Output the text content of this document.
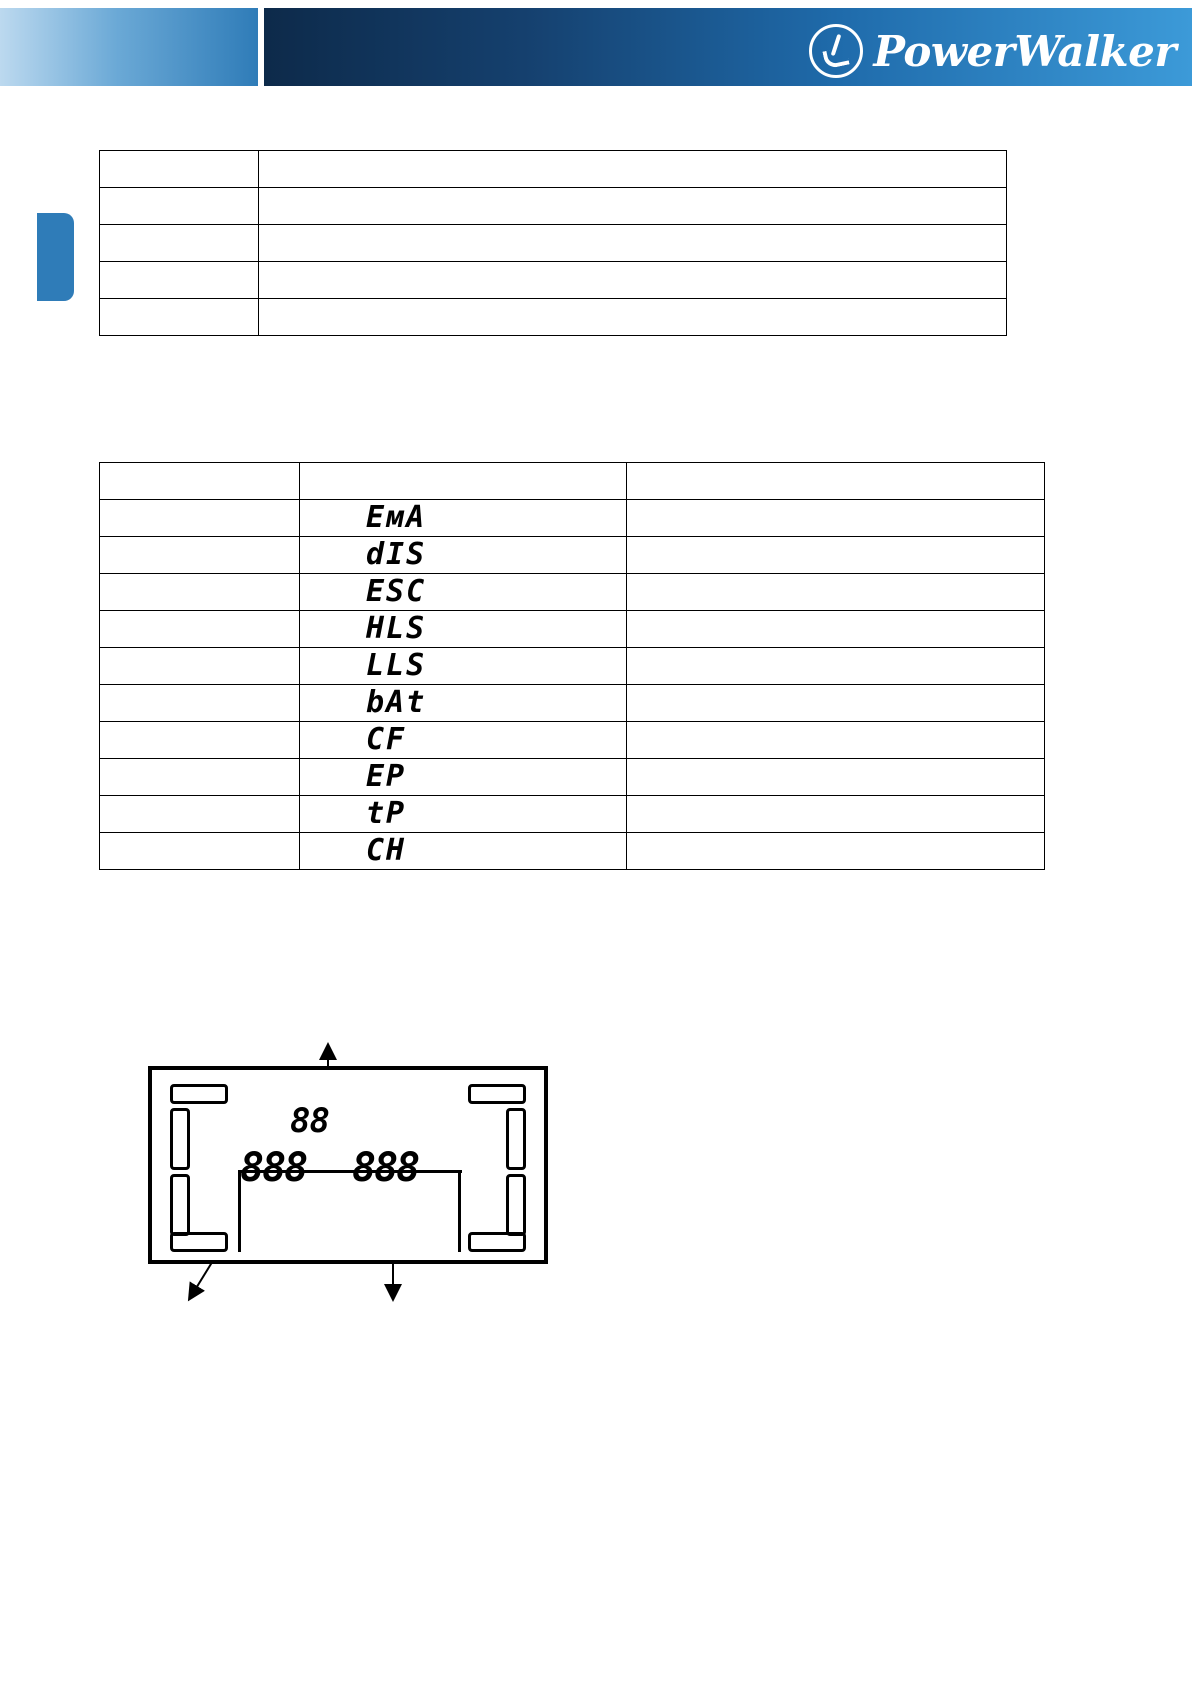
PowerWalker

	EмA	

	dIS	

	ESC	

	HLS	

	LLS	

	bAt	

	CF	

	EP	

	tP	

	CH	

88
888 888
